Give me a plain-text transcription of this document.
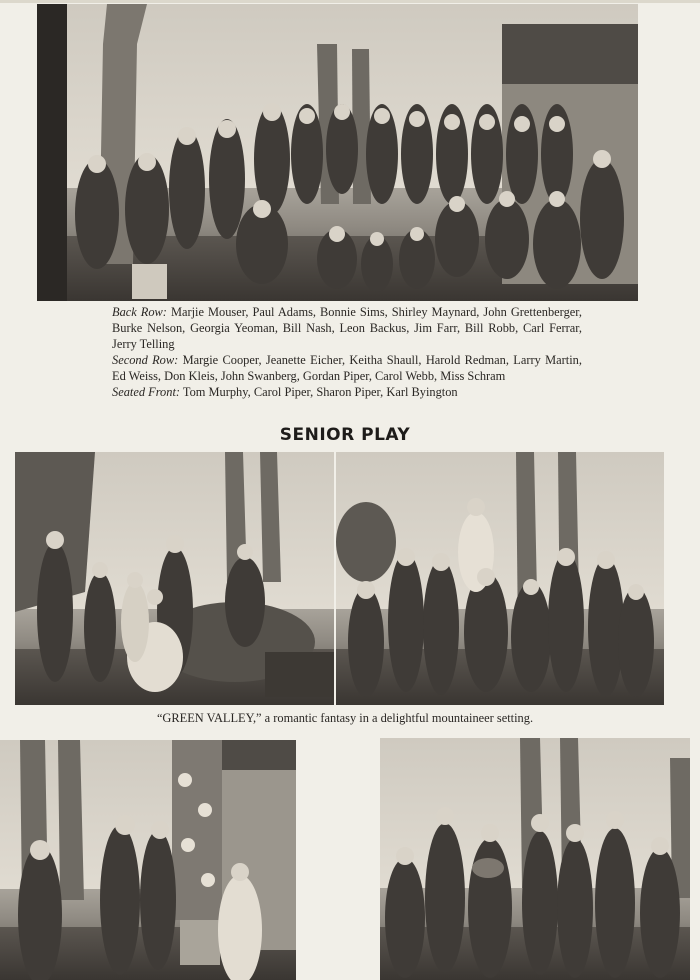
Back Row: Marjie Mouser, Paul Adams, Bonnie Sims, Shirley Maynard, John Grettenberger, Burke Nelson, Georgia Yeoman, Bill Nash, Leon Backus, Jim Farr, Bill Robb, Carl Ferrar, Jerry Telling

Second Row: Margie Cooper, Jeanette Eicher, Keitha Shaull, Harold Redman, Larry Martin, Ed Weiss, Don Kleis, John Swanberg, Gordan Piper, Carol Webb, Miss Schram

Seated Front: Tom Murphy, Carol Piper, Sharon Piper, Karl Byington

SENIOR PLAY
“GREEN VALLEY,” a romantic fantasy in a delightful mountaineer setting.
